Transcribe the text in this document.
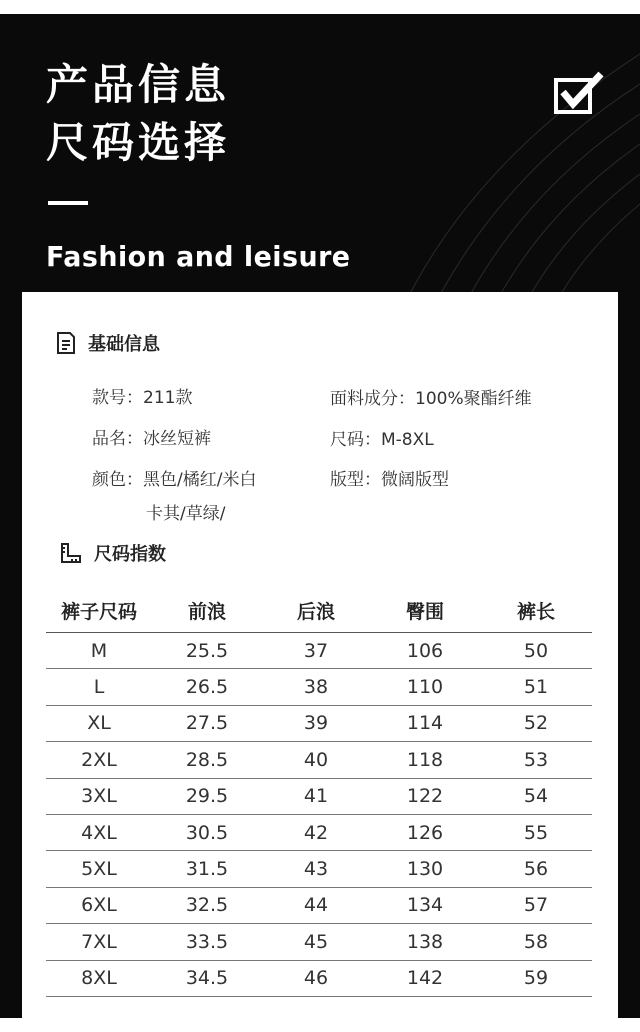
产品信息
尺码选择
Fashion and leisure
基础信息
款号：211款	面料成分：100%聚酯纤维
品名：冰丝短裤	尺码：M-8XL
颜色：黑色/橘红/米白	版型：微阔版型
卡其/草绿/
尺码指数
裤子尺码	前浪	后浪	臀围	裤长
M	25.5	37	106	50
L	26.5	38	110	51
XL	27.5	39	114	52
2XL	28.5	40	118	53
3XL	29.5	41	122	54
4XL	30.5	42	126	55
5XL	31.5	43	130	56
6XL	32.5	44	134	57
7XL	33.5	45	138	58
8XL	34.5	46	142	59
